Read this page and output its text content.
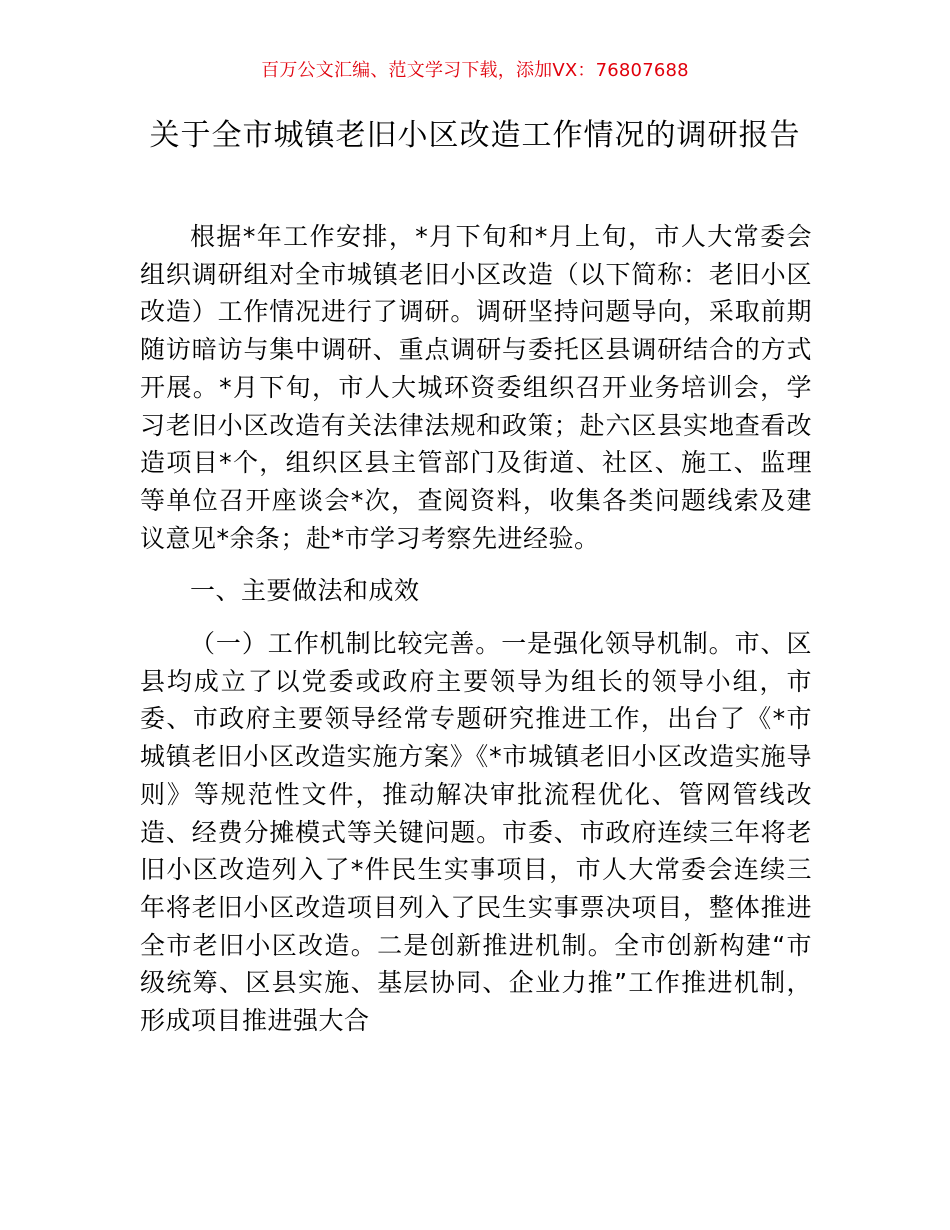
百万公文汇编、范文学习下载，添加VX：76807688
关于全市城镇老旧小区改造工作情况的调研报告

根据*年工作安排，*月下旬和*月上旬，市人大常委会组织调研组对全市城镇老旧小区改造（以下简称：老旧小区改造）工作情况进行了调研。调研坚持问题导向，采取前期随访暗访与集中调研、重点调研与委托区县调研结合的方式开展。*月下旬，市人大城环资委组织召开业务培训会，学习老旧小区改造有关法律法规和政策；赴六区县实地查看改造项目*个，组织区县主管部门及街道、社区、施工、监理等单位召开座谈会*次，查阅资料，收集各类问题线索及建议意见*余条；赴*市学习考察先进经验。

一、主要做法和成效

（一）工作机制比较完善。一是强化领导机制。市、区县均成立了以党委或政府主要领导为组长的领导小组，市委、市政府主要领导经常专题研究推进工作，出台了《*市城镇老旧小区改造实施方案》《*市城镇老旧小区改造实施导则》等规范性文件，推动解决审批流程优化、管网管线改造、经费分摊模式等关键问题。市委、市政府连续三年将老旧小区改造列入了*件民生实事项目，市人大常委会连续三年将老旧小区改造项目列入了民生实事票决项目，整体推进全市老旧小区改造。二是创新推进机制。全市创新构建“市级统筹、区县实施、基层协同、企业力推”工作推进机制，形成项目推进强大合
